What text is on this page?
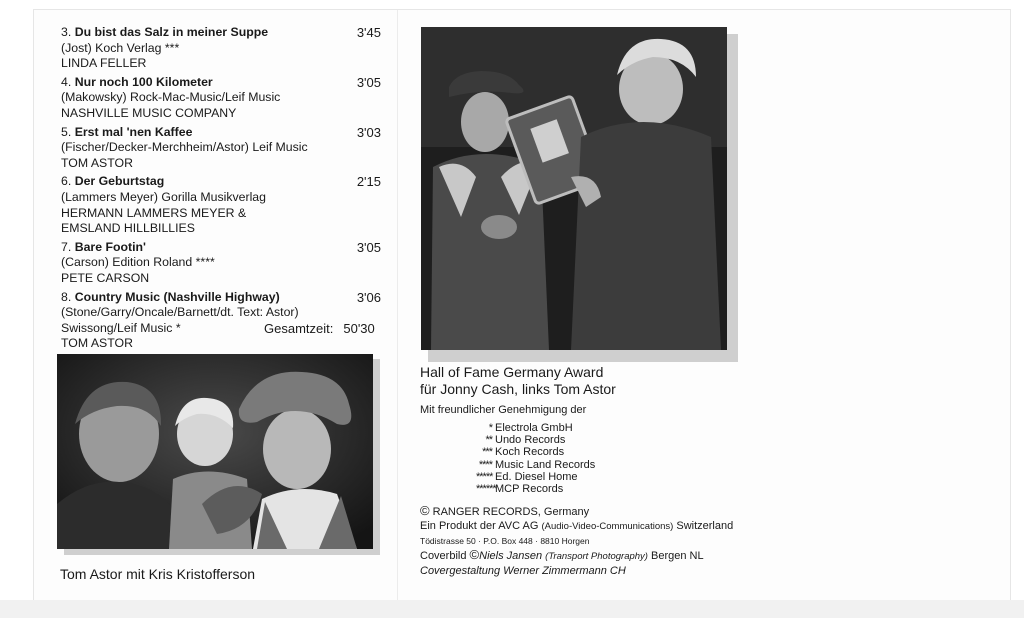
3. Du bist das Salz in meiner Suppe	3'45
(Jost) Koch Verlag ***
LINDA FELLER
4. Nur noch 100 Kilometer	3'05
(Makowsky) Rock-Mac-Music/Leif Music
NASHVILLE MUSIC COMPANY
5. Erst mal 'nen Kaffee	3'03
(Fischer/Decker-Merchheim/Astor) Leif Music
TOM ASTOR
6. Der Geburtstag	2'15
(Lammers Meyer) Gorilla Musikverlag
HERMANN LAMMERS MEYER &
EMSLAND HILLBILLIES
7. Bare Footin'	3'05
(Carson) Edition Roland ****
PETE CARSON
8. Country Music (Nashville Highway)	3'06
(Stone/Garry/Oncale/Barnett/dt. Text: Astor)
Swissong/Leif Music *
TOM ASTOR
Gesamtzeit: 50'30
Tom Astor mit Kris Kristofferson
Hall of Fame Germany Award
für Jonny Cash, links Tom Astor
Mit freundlicher Genehmigung der
* Electrola GmbH
** Undo Records
*** Koch Records
**** Music Land Records
***** Ed. Diesel Home
******MCP Records
© RANGER RECORDS, Germany
Ein Produkt der AVC AG (Audio-Video-Communications) Switzerland
Tödistrasse 50 · P.O. Box 448 · 8810 Horgen
Coverbild ©Niels Jansen (Transport Photography) Bergen NL
Covergestaltung Werner Zimmermann CH
